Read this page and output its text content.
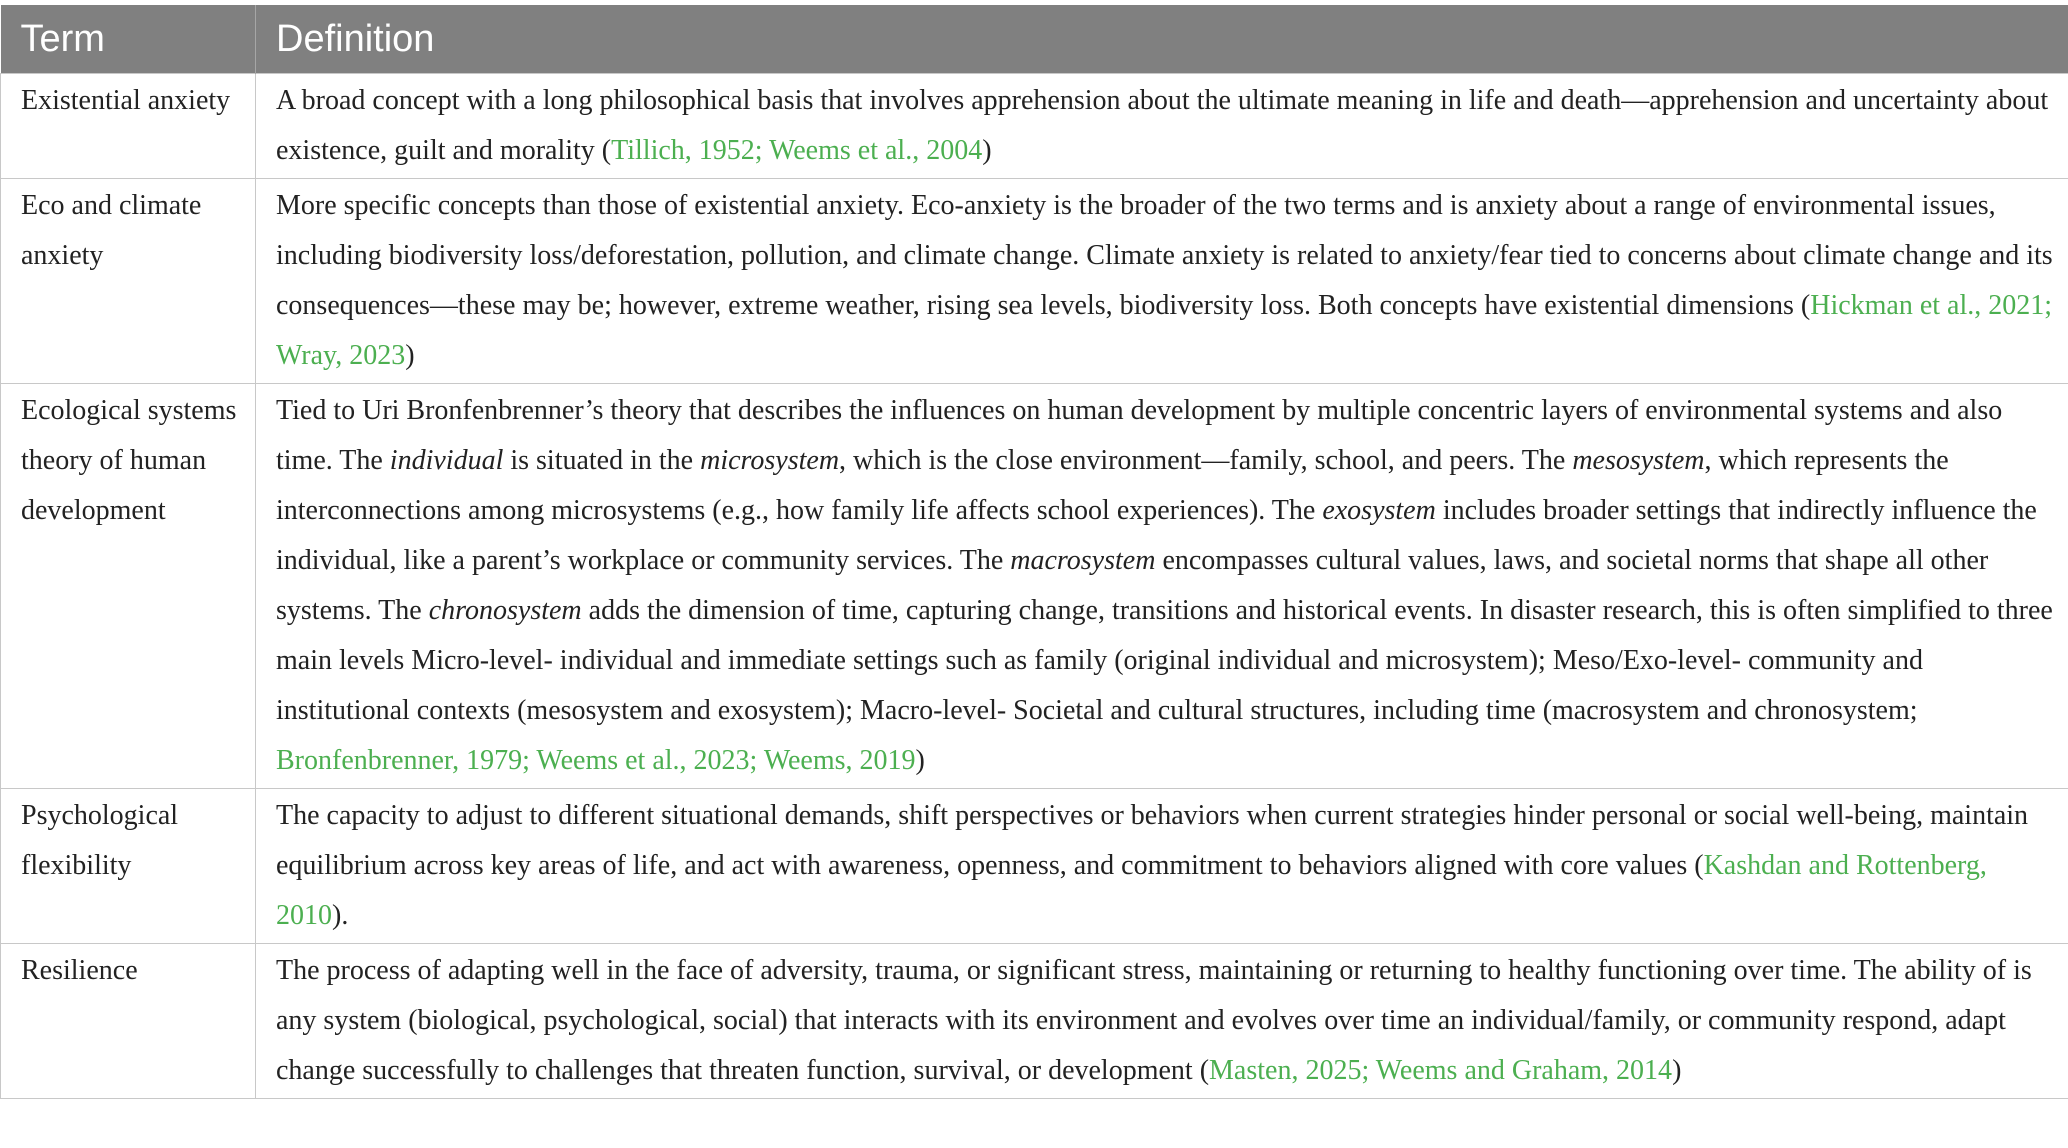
Term	Definition
Existential anxiety	A broad concept with a long philosophical basis that involves apprehension about the ultimate meaning in life and death—apprehension and uncertainty about existence, guilt and morality (Tillich, 1952; Weems et al., 2004)
Eco and climate anxiety	More specific concepts than those of existential anxiety. Eco-anxiety is the broader of the two terms and is anxiety about a range of environmental issues, including biodiversity loss/deforestation, pollution, and climate change. Climate anxiety is related to anxiety/fear tied to concerns about climate change and its consequences—these may be; however, extreme weather, rising sea levels, biodiversity loss. Both concepts have existential dimensions (Hickman et al., 2021; Wray, 2023)
Ecological systems theory of human development	Tied to Uri Bronfenbrenner’s theory that describes the influences on human development by multiple concentric layers of environmental systems and also time. The individual is situated in the microsystem, which is the close environment—family, school, and peers. The mesosystem, which represents the interconnections among microsystems (e.g., how family life affects school experiences). The exosystem includes broader settings that indirectly influence the individual, like a parent’s workplace or community services. The macrosystem encompasses cultural values, laws, and societal norms that shape all other systems. The chronosystem adds the dimension of time, capturing change, transitions and historical events. In disaster research, this is often simplified to three main levels Micro-level- individual and immediate settings such as family (original individual and microsystem); Meso/Exo-level- community and institutional contexts (mesosystem and exosystem); Macro-level- Societal and cultural structures, including time (macrosystem and chronosystem; Bronfenbrenner, 1979; Weems et al., 2023; Weems, 2019)
Psychological flexibility	The capacity to adjust to different situational demands, shift perspectives or behaviors when current strategies hinder personal or social well-being, maintain equilibrium across key areas of life, and act with awareness, openness, and commitment to behaviors aligned with core values (Kashdan and Rottenberg, 2010).
Resilience	The process of adapting well in the face of adversity, trauma, or significant stress, maintaining or returning to healthy functioning over time. The ability of is any system (biological, psychological, social) that interacts with its environment and evolves over time an individual/family, or community respond, adapt change successfully to challenges that threaten function, survival, or development (Masten, 2025; Weems and Graham, 2014)
